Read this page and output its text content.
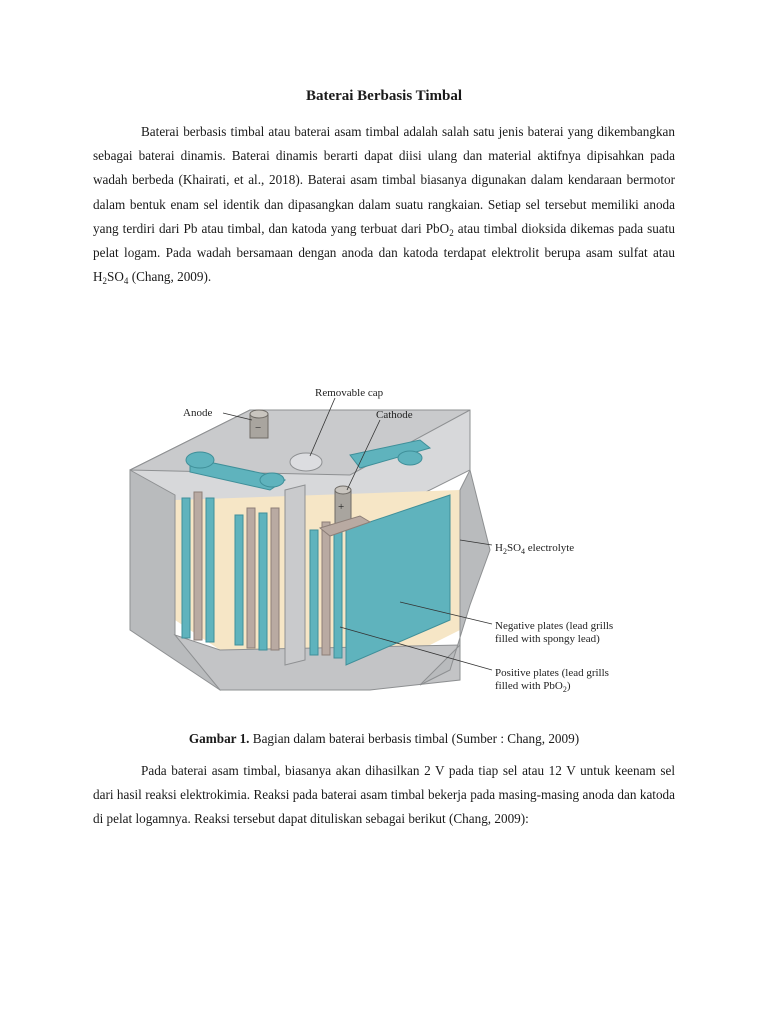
Baterai Berbasis Timbal

Baterai berbasis timbal atau baterai asam timbal adalah salah satu jenis baterai yang dikembangkan sebagai baterai dinamis. Baterai dinamis berarti dapat diisi ulang dan material aktifnya dipisahkan pada wadah berbeda (Khairati, et al., 2018). Baterai asam timbal biasanya digunakan dalam kendaraan bermotor dalam bentuk enam sel identik dan dipasangkan dalam suatu rangkaian. Setiap sel tersebut memiliki anoda yang terdiri dari Pb atau timbal, dan katoda yang terbuat dari PbO$_2$ atau timbal dioksida dikemas pada suatu pelat logam. Pada wadah bersamaan dengan anoda dan katoda terdapat elektrolit berupa asam sulfat atau $H_2SO_4$ (Chang, 2009).

−
+
Removable cap
Anode	Cathode
$H_2SO_4$ electrolyte
Negative plates (lead grills
filled with spongy lead)
Positive plates (lead grills
filled with PbO$_2$)
Gambar 1. Bagian dalam baterai berbasis timbal (Sumber : Chang, 2009)

Pada baterai asam timbal, biasanya akan dihasilkan 2 V pada tiap sel atau 12 V untuk keenam sel dari hasil reaksi elektrokimia. Reaksi pada baterai asam timbal bekerja pada masing-masing anoda dan katoda di pelat logamnya. Reaksi tersebut dapat dituliskan sebagai berikut (Chang, 2009):
